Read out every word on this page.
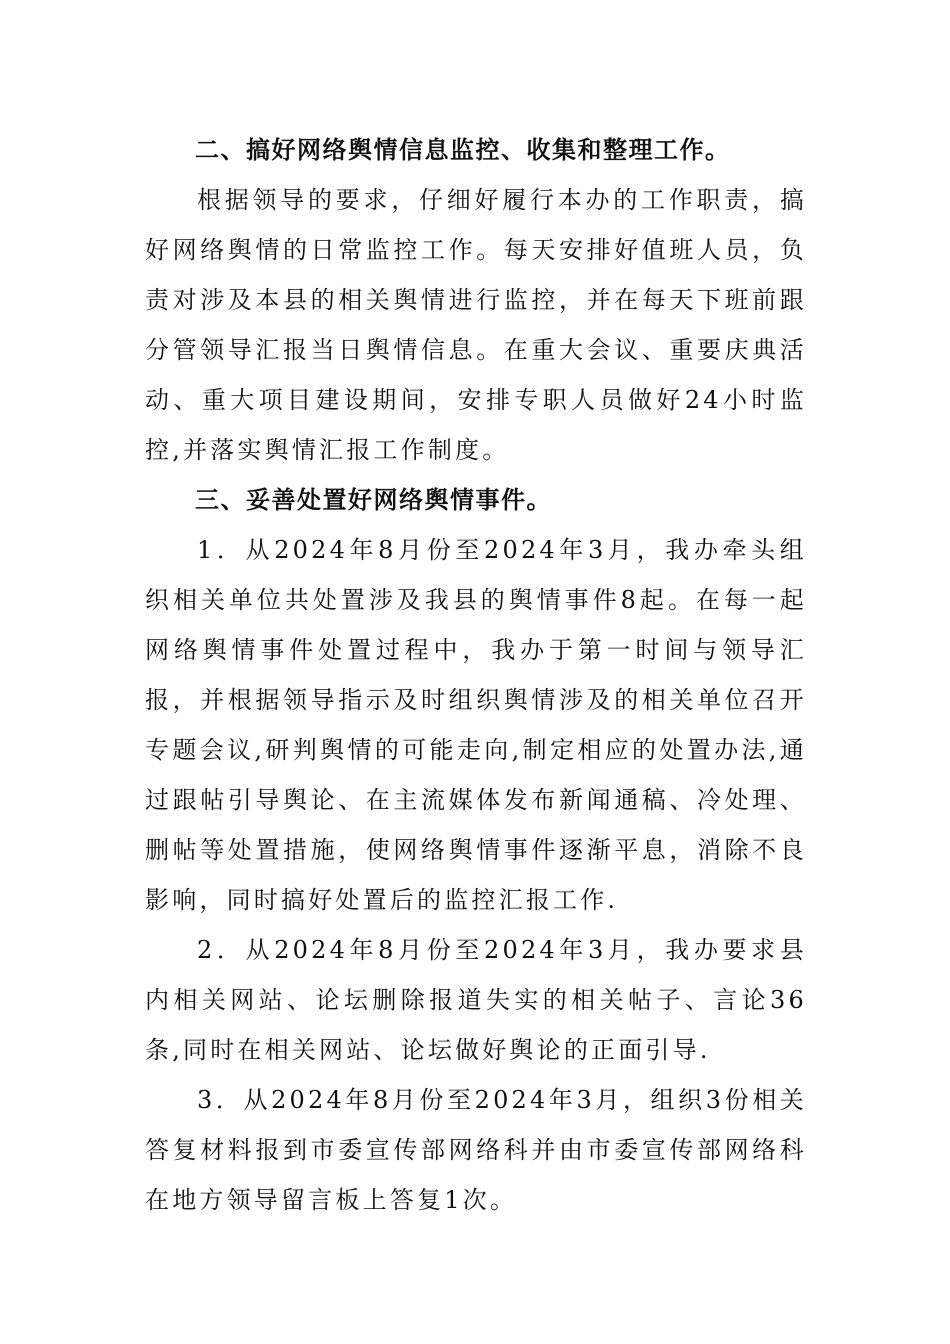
二、搞好网络舆情信息监控、收集和整理工作。

根据领导的要求，仔细好履行本办的工作职责，搞好网络舆情的日常监控工作。每天安排好值班人员，负责对涉及本县的相关舆情进行监控，并在每天下班前跟分管领导汇报当日舆情信息。在重大会议、重要庆典活动、重大项目建设期间，安排专职人员做好24小时监控,并落实舆情汇报工作制度。

三、妥善处置好网络舆情事件。

1．从2024年8月份至2024年3月，我办牵头组织相关单位共处置涉及我县的舆情事件8起。在每一起网络舆情事件处置过程中，我办于第一时间与领导汇报，并根据领导指示及时组织舆情涉及的相关单位召开专题会议,研判舆情的可能走向,制定相应的处置办法,通过跟帖引导舆论、在主流媒体发布新闻通稿、冷处理、删帖等处置措施，使网络舆情事件逐渐平息，消除不良影响，同时搞好处置后的监控汇报工作.

2．从2024年8月份至2024年3月，我办要求县内相关网站、论坛删除报道失实的相关帖子、言论36条,同时在相关网站、论坛做好舆论的正面引导.

3．从2024年8月份至2024年3月，组织3份相关答复材料报到市委宣传部网络科并由市委宣传部网络科在地方领导留言板上答复1次。
